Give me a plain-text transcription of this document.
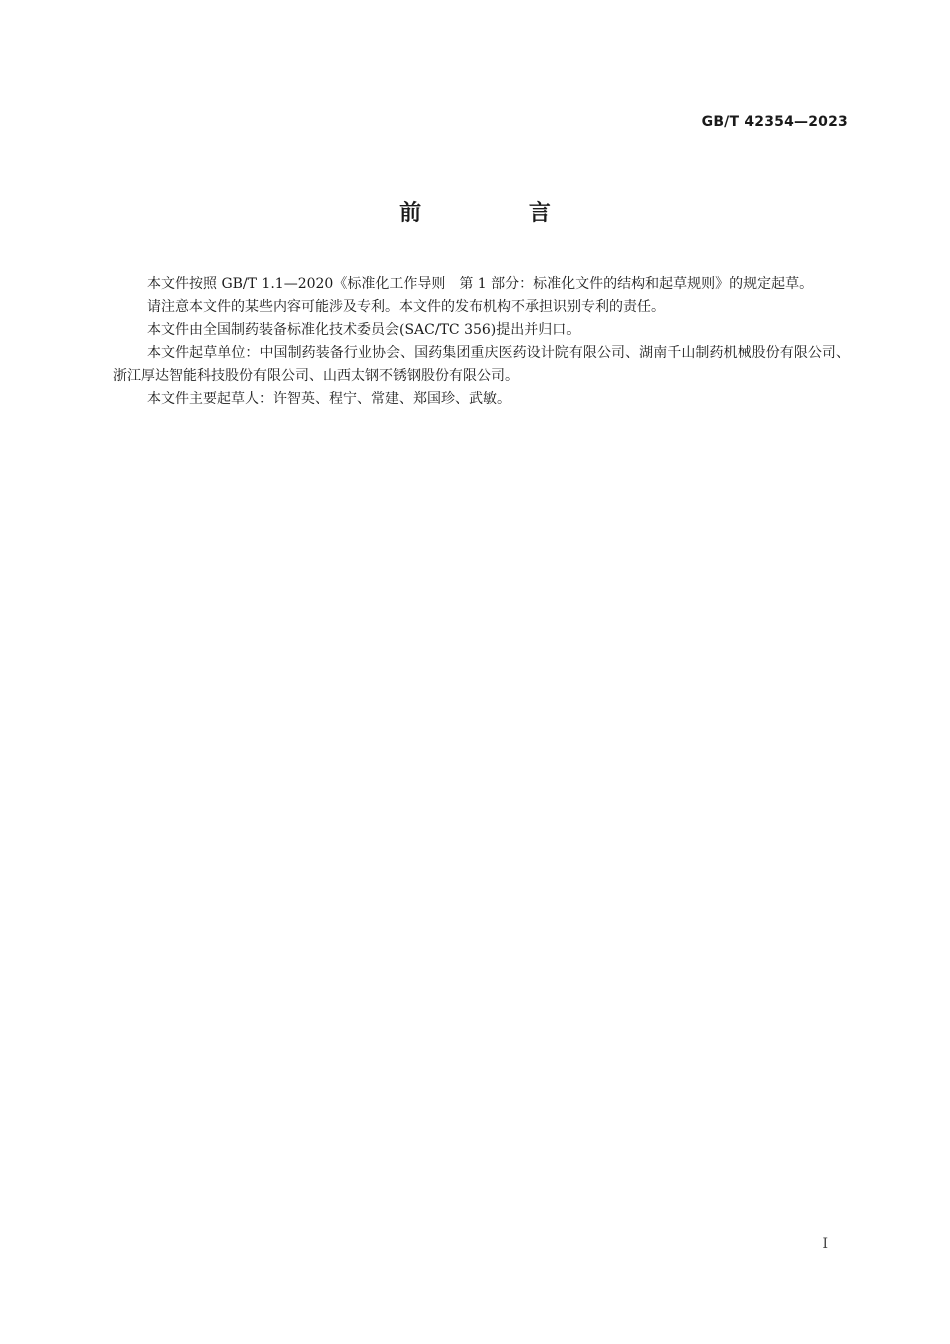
GB/T 42354—2023
前 言

本文件按照 GB/T 1.1—2020《标准化工作导则　第 1 部分：标准化文件的结构和起草规则》的规定起草。

请注意本文件的某些内容可能涉及专利。本文件的发布机构不承担识别专利的责任。

本文件由全国制药装备标准化技术委员会(SAC/TC 356)提出并归口。

本文件起草单位：中国制药装备行业协会、国药集团重庆医药设计院有限公司、湖南千山制药机械股份有限公司、浙江厚达智能科技股份有限公司、山西太钢不锈钢股份有限公司。

本文件主要起草人：许智英、程宁、常建、郑国珍、武敏。

I
